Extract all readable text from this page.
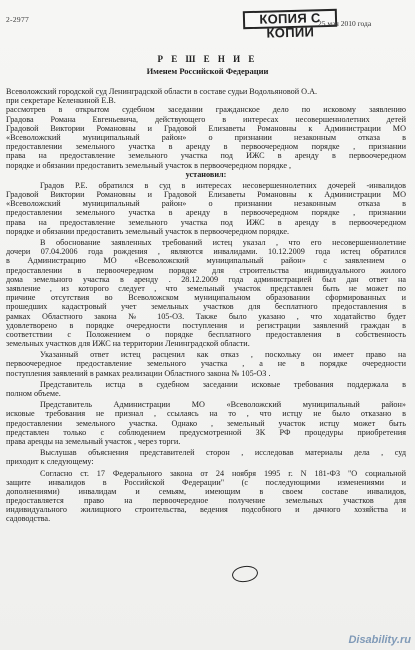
2-2977	КОПИЯ С КОПИИ
25 мая 2010 года
Р Е Ш Е Н И Е
Именем Российской Федерации
Всеволожский городской суд Ленинградской области в составе судьи Водольяновой О.А.
при секретаре Келенкиной Е.В.
рассмотрев в открытом судебном заседании гражданское дело по исковому заявлению
Градова Романа Евгеньевича, действующего в интересах несовершеннолетних детей
Градовой Виктории Романовны и Градовой Елизаветы Романовны к Администрации МО
«Всеволожский муниципальный район» о признании незаконным отказа в
предоставлении земельного участка в аренду в первоочередном порядке , признании
права на предоставление земельного участка под ИЖС в аренду в первоочередном
порядке и обязании предоставить земельный участок в первоочередном порядке ,
установил:
Градов Р.Е. обратился в суд в интересах несовершеннолетних дочерей -инвалидов
Градовой Виктории Романовны и Градовой Елизаветы Романовны к Администрации МО
«Всеволожский муниципальный район» о признании незаконным отказа в
предоставлении земельного участка в аренду в первоочередном порядке , признании
права на предоставление земельного участка под ИЖС в аренду в первоочередном
порядке и обязании предоставить земельный участок в первоочередном порядке.
В обоснование заявленных требований истец указал , что его несовершеннолетние
дочери 07.04.2006 года рождения , являются инвалидами. 10.12.2009 года истец обратился
в Администрацию МО «Всеволожский муниципальный район» с заявлением о
предоставлении в первоочередном порядке для строительства индивидуального жилого
дома земельного участка в аренду . 28.12.2009 года администрацией был дан ответ на
заявление , из которого следует , что земельный участок представлен быть не может по
причине отсутствия во Всеволожском муниципальном образовании сформированных и
прошедших кадастровый учет земельных участков для бесплатного предоставления в
рамках Областного закона № 105-ОЗ. Также было указано , что ходатайство будет
удовлетворено в порядке очередности поступления и регистрации заявлений граждан в
соответствии с Положением о порядке бесплатного предоставления в собственность
земельных участков для ИЖС на территории Ленинградской области.
Указанный ответ истец расценил как отказ , поскольку он имеет право на
первоочередное предоставление земельного участка , а не в порядке очередности
поступления заявлений в рамках реализации Областного закона № 105-ОЗ .
Представитель истца в судебном заседании исковые требования поддержала в
полном объеме.
Представитель Администрации МО «Всеволожский муниципальный район»
исковые требования не признал , ссылаясь на то , что истцу не было отказано в
предоставлении земельного участка. Однако , земельный участок истцу может быть
представлен только с соблюдением предусмотренной ЗК РФ процедуры приобретения
права аренды на земельный участок , через торги.
Выслушав объяснения представителей сторон , исследовав материалы дела , суд
приходит к следующему:
Согласно ст. 17 Федерального закона от 24 ноября 1995 г. N 181-ФЗ "О социальной
защите инвалидов в Российской Федерации" (с последующими изменениями и
дополнениями) инвалидам и семьям, имеющим в своем составе инвалидов,
предоставляется право на первоочередное получение земельных участков для
индивидуального жилищного строительства, ведения подсобного и дачного хозяйства и
садоводства.
Disability.ru
